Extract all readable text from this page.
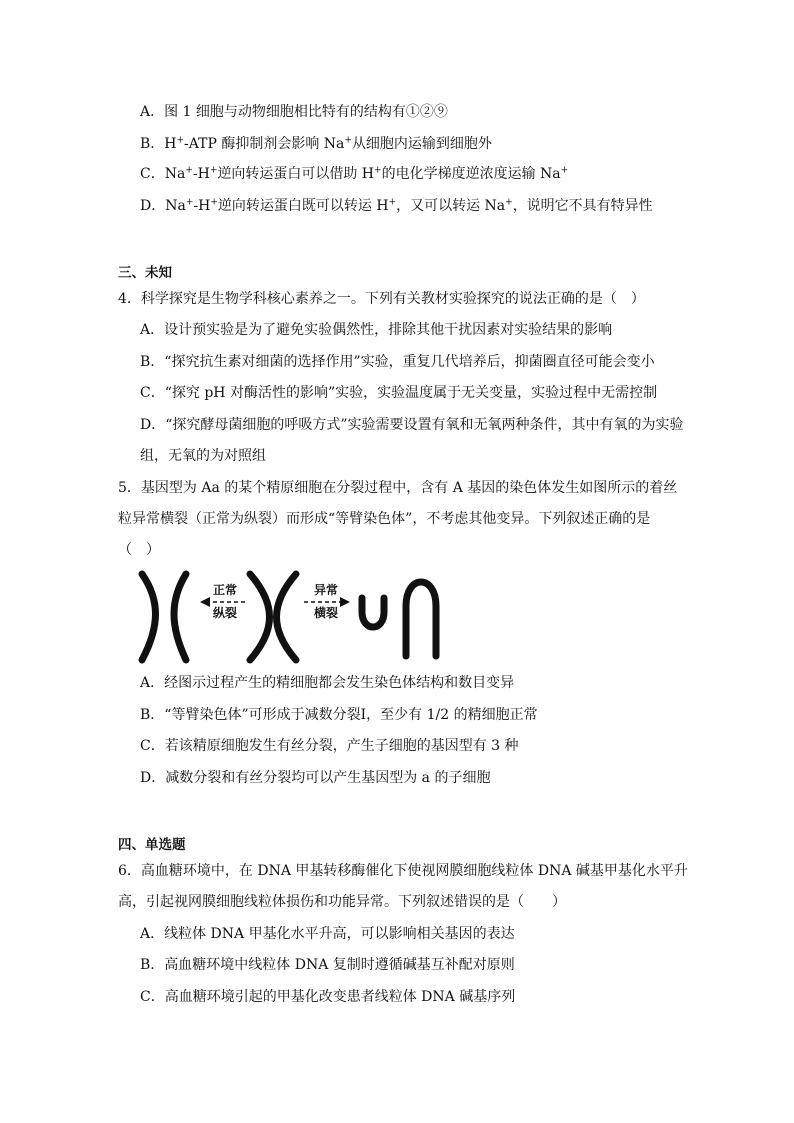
A．图 1 细胞与动物细胞相比特有的结构有①②⑨
B．H+-ATP 酶抑制剂会影响 Na+从细胞内运输到细胞外
C．Na+-H+逆向转运蛋白可以借助 H+的电化学梯度逆浓度运输 Na+
D．Na+-H+逆向转运蛋白既可以转运 H+，又可以转运 Na+，说明它不具有特异性
三、未知
4．科学探究是生物学科核心素养之一。下列有关教材实验探究的说法正确的是（　）
A．设计预实验是为了避免实验偶然性，排除其他干扰因素对实验结果的影响
B．“探究抗生素对细菌的选择作用”实验，重复几代培养后，抑菌圈直径可能会变小
C．“探究 pH 对酶活性的影响”实验，实验温度属于无关变量，实验过程中无需控制
D．“探究酵母菌细胞的呼吸方式”实验需要设置有氧和无氧两种条件，其中有氧的为实验
组，无氧的为对照组
5．基因型为 Aa 的某个精原细胞在分裂过程中，含有 A 基因的染色体发生如图所示的着丝
粒异常横裂（正常为纵裂）而形成“等臂染色体”，不考虑其他变异。下列叙述正确的是
（　）
正常
纵裂
异常
横裂
A．经图示过程产生的精细胞都会发生染色体结构和数目变异
B．“等臂染色体”可形成于减数分裂Ⅰ，至少有 1/2 的精细胞正常
C．若该精原细胞发生有丝分裂，产生子细胞的基因型有 3 种
D．减数分裂和有丝分裂均可以产生基因型为 a 的子细胞
四、单选题
6．高血糖环境中，在 DNA 甲基转移酶催化下使视网膜细胞线粒体 DNA 碱基甲基化水平升
高，引起视网膜细胞线粒体损伤和功能异常。下列叙述错误的是（　　）
A．线粒体 DNA 甲基化水平升高，可以影响相关基因的表达
B．高血糖环境中线粒体 DNA 复制时遵循碱基互补配对原则
C．高血糖环境引起的甲基化改变患者线粒体 DNA 碱基序列
